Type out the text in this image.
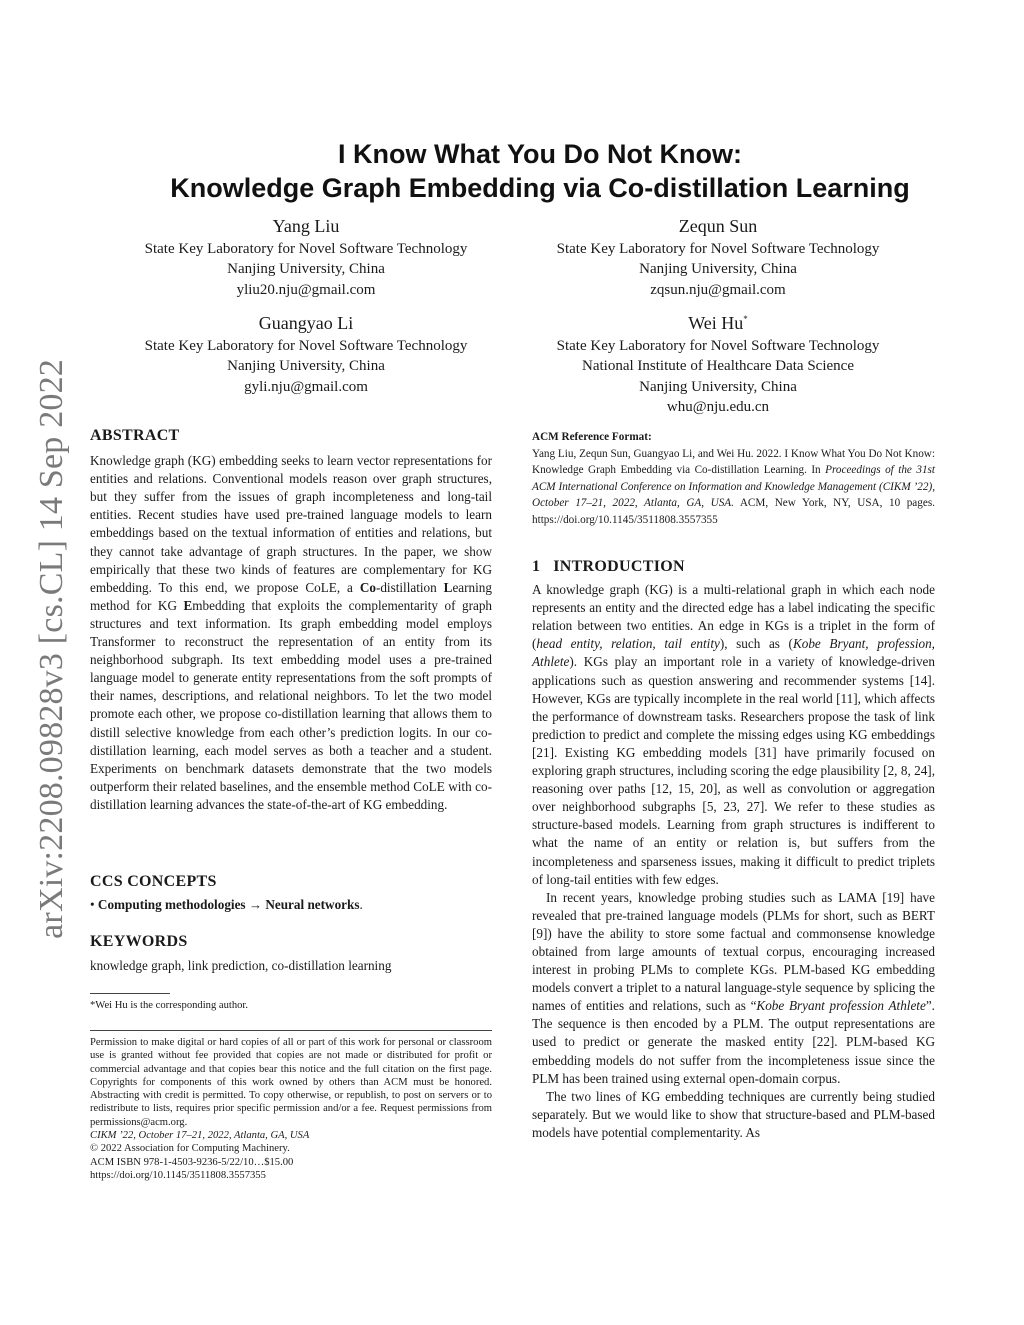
arXiv:2208.09828v3 [cs.CL] 14 Sep 2022
I Know What You Do Not Know:
Knowledge Graph Embedding via Co-distillation Learning
Yang Liu
State Key Laboratory for Novel Software Technology
Nanjing University, China
yliu20.nju@gmail.com
Zequn Sun
State Key Laboratory for Novel Software Technology
Nanjing University, China
zqsun.nju@gmail.com
Guangyao Li
State Key Laboratory for Novel Software Technology
Nanjing University, China
gyli.nju@gmail.com
Wei Hu*
State Key Laboratory for Novel Software Technology
National Institute of Healthcare Data Science
Nanjing University, China
whu@nju.edu.cn
ABSTRACT

Knowledge graph (KG) embedding seeks to learn vector representations for entities and relations. Conventional models reason over graph structures, but they suffer from the issues of graph incompleteness and long-tail entities. Recent studies have used pre-trained language models to learn embeddings based on the textual information of entities and relations, but they cannot take advantage of graph structures. In the paper, we show empirically that these two kinds of features are complementary for KG embedding. To this end, we propose CoLE, a Co-distillation Learning method for KG Embedding that exploits the complementarity of graph structures and text information. Its graph embedding model employs Transformer to reconstruct the representation of an entity from its neighborhood subgraph. Its text embedding model uses a pre-trained language model to generate entity representations from the soft prompts of their names, descriptions, and relational neighbors. To let the two model promote each other, we propose co-distillation learning that allows them to distill selective knowledge from each other’s prediction logits. In our co-distillation learning, each model serves as both a teacher and a student. Experiments on benchmark datasets demonstrate that the two models outperform their related baselines, and the ensemble method CoLE with co-distillation learning advances the state-of-the-art of KG embedding.

CCS CONCEPTS

• Computing methodologies → Neural networks.

KEYWORDS

knowledge graph, link prediction, co-distillation learning

*Wei Hu is the corresponding author.
Permission to make digital or hard copies of all or part of this work for personal or classroom use is granted without fee provided that copies are not made or distributed for profit or commercial advantage and that copies bear this notice and the full citation on the first page. Copyrights for components of this work owned by others than ACM must be honored. Abstracting with credit is permitted. To copy otherwise, or republish, to post on servers or to redistribute to lists, requires prior specific permission and/or a fee. Request permissions from permissions@acm.org.
CIKM ’22, October 17–21, 2022, Atlanta, GA, USA
© 2022 Association for Computing Machinery.
ACM ISBN 978-1-4503-9236-5/22/10…$15.00
https://doi.org/10.1145/3511808.3557355
ACM Reference Format:
Yang Liu, Zequn Sun, Guangyao Li, and Wei Hu. 2022. I Know What You Do Not Know: Knowledge Graph Embedding via Co-distillation Learning. In Proceedings of the 31st ACM International Conference on Information and Knowledge Management (CIKM ’22), October 17–21, 2022, Atlanta, GA, USA. ACM, New York, NY, USA, 10 pages. https://doi.org/10.1145/3511808.3557355
1   INTRODUCTION

A knowledge graph (KG) is a multi-relational graph in which each node represents an entity and the directed edge has a label indicating the specific relation between two entities. An edge in KGs is a triplet in the form of (head entity, relation, tail entity), such as (Kobe Bryant, profession, Athlete). KGs play an important role in a variety of knowledge-driven applications such as question answering and recommender systems [14]. However, KGs are typically incomplete in the real world [11], which affects the performance of downstream tasks. Researchers propose the task of link prediction to predict and complete the missing edges using KG embeddings [21]. Existing KG embedding models [31] have primarily focused on exploring graph structures, including scoring the edge plausibility [2, 8, 24], reasoning over paths [12, 15, 20], as well as convolution or aggregation over neighborhood subgraphs [5, 23, 27]. We refer to these studies as structure-based models. Learning from graph structures is indifferent to what the name of an entity or relation is, but suffers from the incompleteness and sparseness issues, making it difficult to predict triplets of long-tail entities with few edges.

In recent years, knowledge probing studies such as LAMA [19] have revealed that pre-trained language models (PLMs for short, such as BERT [9]) have the ability to store some factual and commonsense knowledge obtained from large amounts of textual corpus, encouraging increased interest in probing PLMs to complete KGs. PLM-based KG embedding models convert a triplet to a natural language-style sequence by splicing the names of entities and relations, such as “Kobe Bryant profession Athlete”. The sequence is then encoded by a PLM. The output representations are used to predict or generate the masked entity [22]. PLM-based KG embedding models do not suffer from the incompleteness issue since the PLM has been trained using external open-domain corpus.

The two lines of KG embedding techniques are currently being studied separately. But we would like to show that structure-based and PLM-based models have potential complementarity. As
